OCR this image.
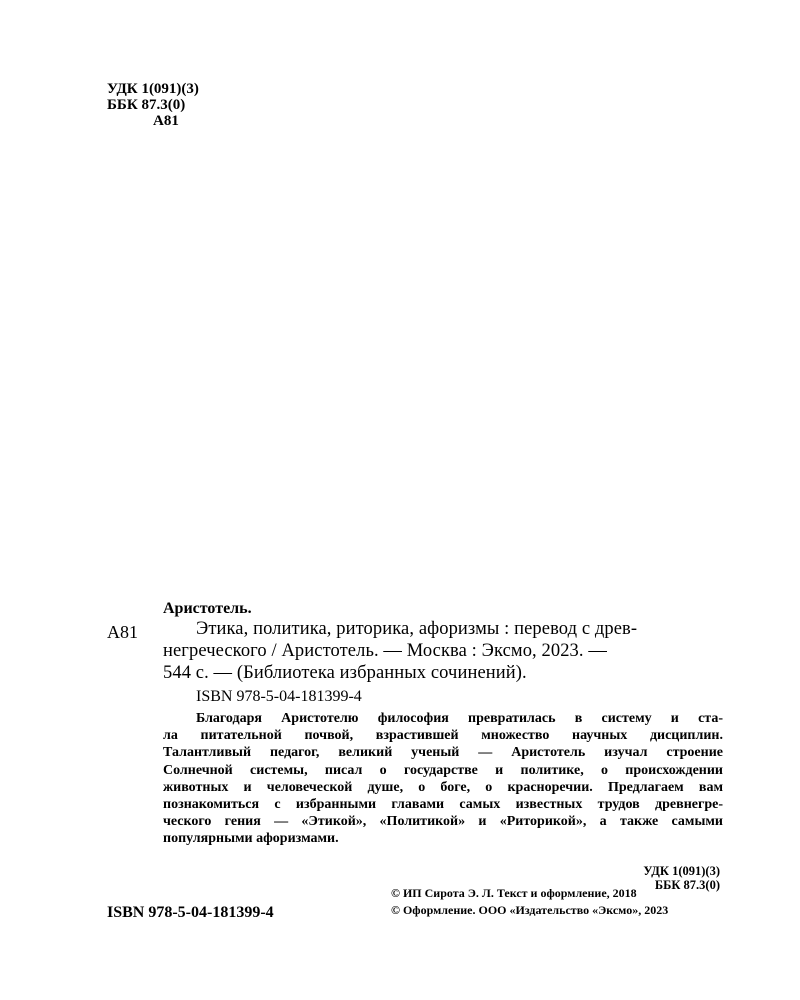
УДК 1(091)(3)
ББК 87.3(0)
А81
Аристотель.
А81	Этика, политика, риторика, афоризмы : перевод с древ-
негреческого / Аристотель. — Москва : Эксмо, 2023. —
544 с. — (Библиотека избранных сочинений).
ISBN 978-5-04-181399-4
Благодаря Аристотелю философия превратилась в систему и ста-
ла питательной почвой, взрастившей множество научных дисциплин.
Талантливый педагог, великий ученый — Аристотель изучал строение
Солнечной системы, писал о государстве и политике, о происхождении
животных и человеческой душе, о боге, о красноречии. Предлагаем вам
познакомиться с избранными главами самых известных трудов древнегре-
ческого гения — «Этикой», «Политикой» и «Риторикой», а также самыми
популярными афоризмами.
УДК 1(091)(3)
ББК 87.3(0)
ISBN 978-5-04-181399-4
© ИП Сирота Э. Л. Текст и оформление, 2018
© Оформление. ООО «Издательство «Эксмо», 2023
